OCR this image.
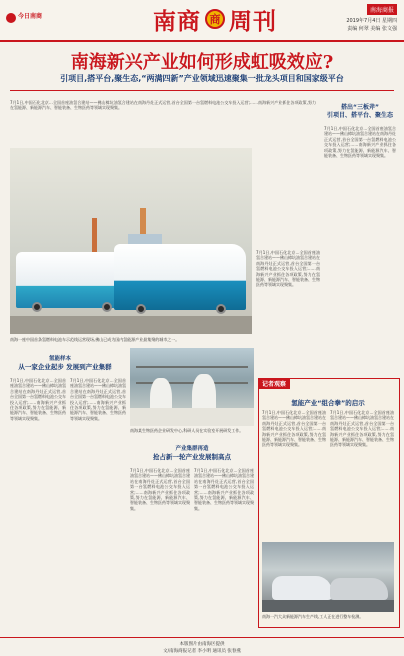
今日南商	南商 商 周刊	南海商报
2019年7月4日 星期四
责编 何翠 美编 张文强
南海新兴产业如何形成虹吸效应?
引项目,搭平台,聚生态,“两满四新”产业领域迅速聚集一批龙头项目和国家级平台
7月1日,中国石化北京…全国首座油氢合建站——佛山樟坑油氢合建站在南海丹灶正式运营,首台全国第一台氢燃料电池公交车投入运营;……南海新兴产业抓住各项政策,努力在氢能源、新能源汽车、智能装备、生物医药等领域实现聚集。	搭出“三板斧”
引项目、搭平台、聚生态
7月1日,中国石化北京…全国首座油氢合建站——佛山樟坑油氢合建站在南海丹灶正式运营,首台全国第一台氢燃料电池公交车投入运营;……南海新兴产业抓住各项政策,努力在氢能源、新能源汽车、智能装备、生物医药等领域实现聚集。
7月1日,中国石化北京…全国首座油氢合建站——佛山樟坑油氢合建站在南海丹灶正式运营,首台全国第一台氢燃料电池公交车投入运营;……南海新兴产业抓住各项政策,努力在氢能源、新能源汽车、智能装备、生物医药等领域实现聚集。
南海一座中国首条氢燃料电池车示范线运营现场,佛山已成为国内氢能源产业最集聚的城市之一。
氢能样本
从一家企业起步 发展到产业集群
7月1日,中国石化北京…全国首座油氢合建站——佛山樟坑油氢合建站在南海丹灶正式运营,首台全国第一台氢燃料电池公交车投入运营;……南海新兴产业抓住各项政策,努力在氢能源、新能源汽车、智能装备、生物医药等领域实现聚集。
7月1日,中国石化北京…全国首座油氢合建站——佛山樟坑油氢合建站在南海丹灶正式运营,首台全国第一台氢燃料电池公交车投入运营;……南海新兴产业抓住各项政策,努力在氢能源、新能源汽车、智能装备、生物医药等领域实现聚集。
南海某生物医药企业研发中心,科研人员在实验室开展研发工作。
产业集群再造
抢占新一轮产业发展制高点
7月1日,中国石化北京…全国首座油氢合建站——佛山樟坑油氢合建站在南海丹灶正式运营,首台全国第一台氢燃料电池公交车投入运营;……南海新兴产业抓住各项政策,努力在氢能源、新能源汽车、智能装备、生物医药等领域实现聚集。
7月1日,中国石化北京…全国首座油氢合建站——佛山樟坑油氢合建站在南海丹灶正式运营,首台全国第一台氢燃料电池公交车投入运营;……南海新兴产业抓住各项政策,努力在氢能源、新能源汽车、智能装备、生物医药等领域实现聚集。
记者观察
氢能产业“组合拳”的启示
7月1日,中国石化北京…全国首座油氢合建站——佛山樟坑油氢合建站在南海丹灶正式运营,首台全国第一台氢燃料电池公交车投入运营;……南海新兴产业抓住各项政策,努力在氢能源、新能源汽车、智能装备、生物医药等领域实现聚集。
7月1日,中国石化北京…全国首座油氢合建站——佛山樟坑油氢合建站在南海丹灶正式运营,首台全国第一台氢燃料电池公交车投入运营;……南海新兴产业抓住各项政策,努力在氢能源、新能源汽车、智能装备、生物医药等领域实现聚集。
南海一汽大众新能源汽车生产线,工人正在进行整车检测。
本版图片由南海区提供
文/南海商报记者 李小明 通讯员 张春燕
